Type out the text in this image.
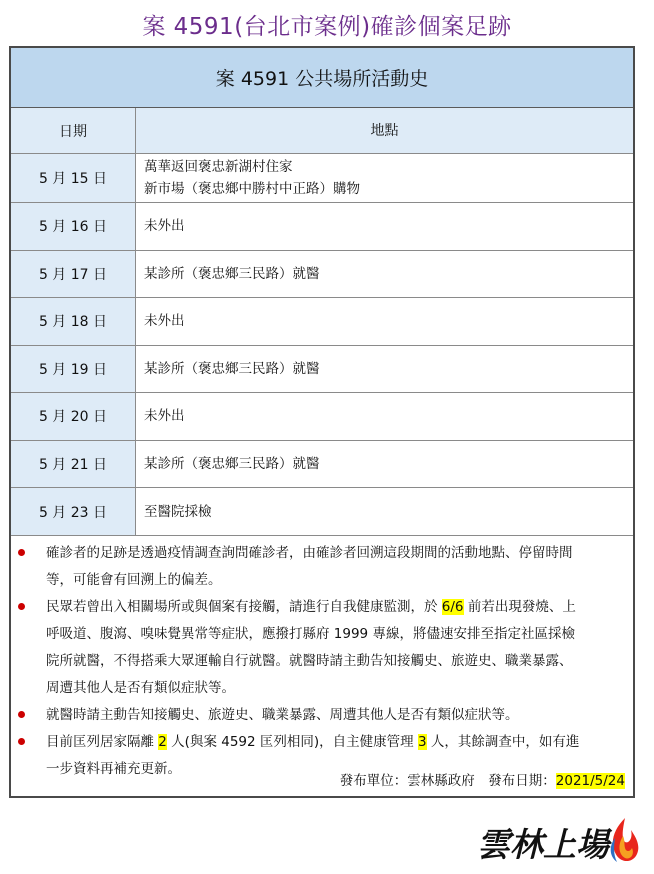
案 4591(台北市案例)確診個案足跡
案 4591 公共場所活動史
日期	地點
5 月 15 日
萬華返回褒忠新湖村住家
新市場（褒忠鄉中勝村中正路）購物
5 月 16 日	未外出
5 月 17 日	某診所（褒忠鄉三民路）就醫
5 月 18 日	未外出
5 月 19 日	某診所（褒忠鄉三民路）就醫
5 月 20 日	未外出
5 月 21 日	某診所（褒忠鄉三民路）就醫
5 月 23 日	至醫院採檢
確診者的足跡是透過疫情調查詢問確診者，由確診者回溯這段期間的活動地點、停留時間
等，可能會有回溯上的偏差。
民眾若曾出入相關場所或與個案有接觸，請進行自我健康監測，於 6/6 前若出現發燒、上
呼吸道、腹瀉、嗅味覺異常等症狀，應撥打縣府 1999 專線，將儘速安排至指定社區採檢
院所就醫，不得搭乘大眾運輸自行就醫。就醫時請主動告知接觸史、旅遊史、職業暴露、
周遭其他人是否有類似症狀等。
就醫時請主動告知接觸史、旅遊史、職業暴露、周遭其他人是否有類似症狀等。
目前匡列居家隔離 2 人(與案 4592 匡列相同)，自主健康管理 3 人，其餘調查中，如有進
一步資料再補充更新。
發布單位：雲林縣政府　發布日期：2021/5/24
雲林上場
